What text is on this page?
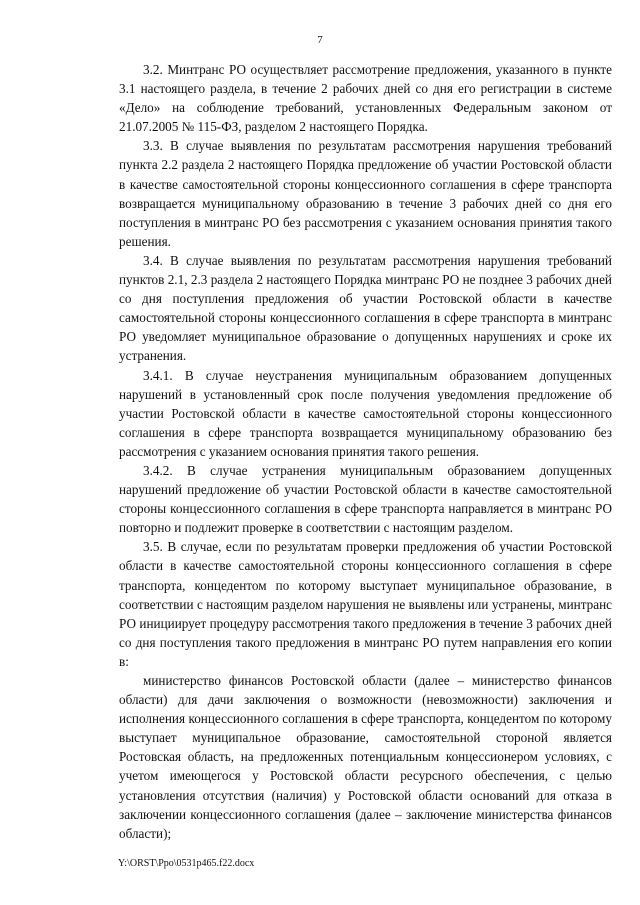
7

3.2. Минтранс РО осуществляет рассмотрение предложения, указанного в пункте 3.1 настоящего раздела, в течение 2 рабочих дней со дня его регистрации в системе «Дело» на соблюдение требований, установленных Федеральным законом от 21.07.2005 № 115-ФЗ, разделом 2 настоящего Порядка.

3.3. В случае выявления по результатам рассмотрения нарушения требований пункта 2.2 раздела 2 настоящего Порядка предложение об участии Ростовской области в качестве самостоятельной стороны концессионного соглашения в сфере транспорта возвращается муниципальному образованию в течение 3 рабочих дней со дня его поступления в минтранс РО без рассмотрения с указанием основания принятия такого решения.

3.4. В случае выявления по результатам рассмотрения нарушения требований пунктов 2.1, 2.3 раздела 2 настоящего Порядка минтранс РО не позднее 3 рабочих дней со дня поступления предложения об участии Ростовской области в качестве самостоятельной стороны концессионного соглашения в сфере транспорта в минтранс РО уведомляет муниципальное образование о допущенных нарушениях и сроке их устранения.

3.4.1. В случае неустранения муниципальным образованием допущенных нарушений в установленный срок после получения уведомления предложение об участии Ростовской области в качестве самостоятельной стороны концессионного соглашения в сфере транспорта возвращается муниципальному образованию без рассмотрения с указанием основания принятия такого решения.

3.4.2. В случае устранения муниципальным образованием допущенных нарушений предложение об участии Ростовской области в качестве самостоятельной стороны концессионного соглашения в сфере транспорта направляется в минтранс РО повторно и подлежит проверке в соответствии с настоящим разделом.

3.5. В случае, если по результатам проверки предложения об участии Ростовской области в качестве самостоятельной стороны концессионного соглашения в сфере транспорта, концедентом по которому выступает муниципальное образование, в соответствии с настоящим разделом нарушения не выявлены или устранены, минтранс РО инициирует процедуру рассмотрения такого предложения в течение 3 рабочих дней со дня поступления такого предложения в минтранс РО путем направления его копии в:

министерство финансов Ростовской области (далее – министерство финансов области) для дачи заключения о возможности (невозможности) заключения и исполнения концессионного соглашения в сфере транспорта, концедентом по которому выступает муниципальное образование, самостоятельной стороной является Ростовская область, на предложенных потенциальным концессионером условиях, с учетом имеющегося у Ростовской области ресурсного обеспечения, с целью установления отсутствия (наличия) у Ростовской области оснований для отказа в заключении концессионного соглашения (далее – заключение министерства финансов области);

Y:\ORST\Ppo\0531p465.f22.docx
